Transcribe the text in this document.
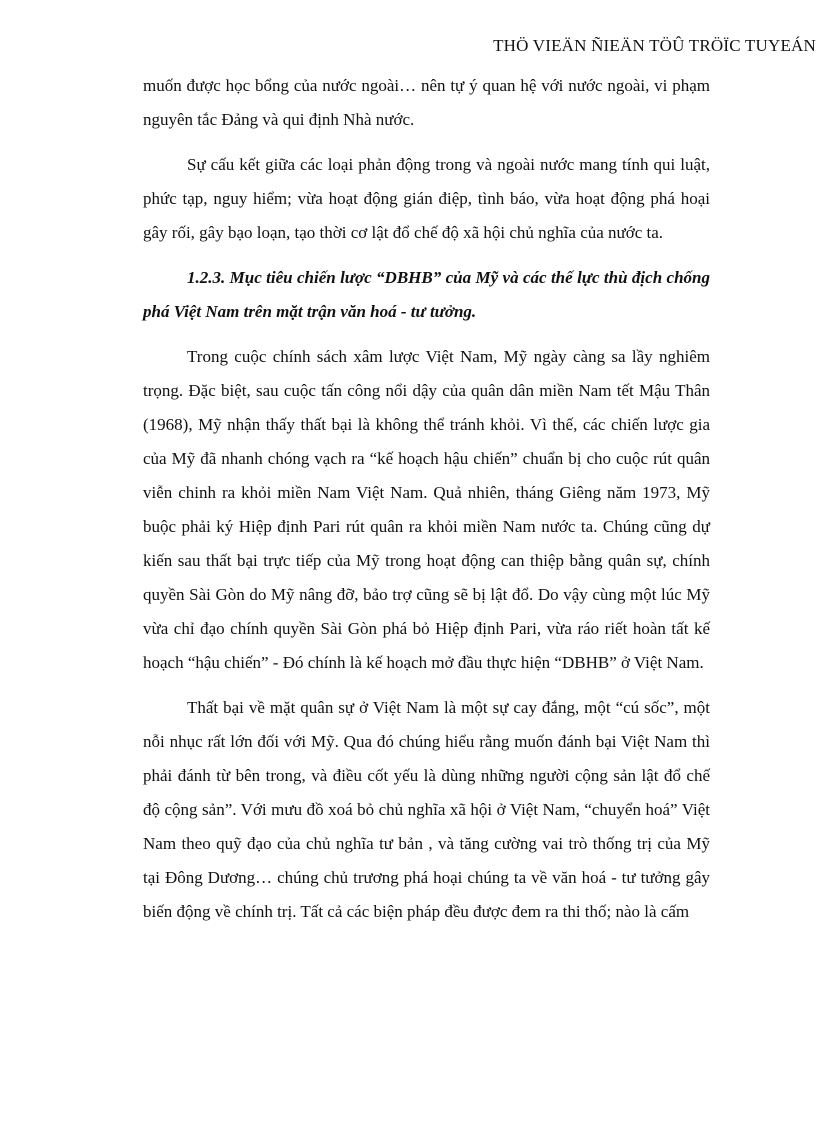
THÖ VIEÄN ÑIEÄN TÖÛ TRÖÏC TUYEÁN

muốn được học bổng của nước ngoài… nên tự ý quan hệ với nước ngoài, vi phạm nguyên tắc Đảng và qui định Nhà nước.

Sự cấu kết giữa các loại phản động trong và ngoài nước mang tính qui luật, phức tạp, nguy hiểm; vừa hoạt động gián điệp, tình báo, vừa hoạt động phá hoại gây rối, gây bạo loạn, tạo thời cơ lật đổ chế độ xã hội chủ nghĩa của nước ta.

1.2.3. Mục tiêu chiến lược “DBHB” của Mỹ và các thế lực thù địch chống phá Việt Nam trên mặt trận văn hoá - tư tưởng.

Trong cuộc chính sách xâm lược Việt Nam, Mỹ ngày càng sa lầy nghiêm trọng. Đặc biệt, sau cuộc tấn công nổi dậy của quân dân miền Nam tết Mậu Thân (1968), Mỹ nhận thấy thất bại là không thể tránh khỏi. Vì thế, các chiến lược gia của Mỹ đã nhanh chóng vạch ra “kế hoạch hậu chiến” chuẩn bị cho cuộc rút quân viễn chinh ra khỏi miền Nam Việt Nam. Quả nhiên, tháng Giêng năm 1973, Mỹ buộc phải ký Hiệp định Pari rút quân ra khỏi miền Nam nước ta. Chúng cũng dự kiến sau thất bại trực tiếp của Mỹ trong hoạt động can thiệp bằng quân sự, chính quyền Sài Gòn do Mỹ nâng đỡ, bảo trợ cũng sẽ bị lật đổ. Do vậy cùng một lúc Mỹ vừa chỉ đạo chính quyền Sài Gòn phá bỏ Hiệp định Pari, vừa ráo riết hoàn tất kế hoạch “hậu chiến” - Đó chính là kế hoạch mở đầu thực hiện “DBHB” ở Việt Nam.

Thất bại về mặt quân sự ở Việt Nam là một sự cay đắng, một “cú sốc”, một nỗi nhục rất lớn đối với Mỹ. Qua đó chúng hiểu rằng muốn đánh bại Việt Nam thì phải đánh từ bên trong, và điều cốt yếu là dùng những người cộng sản lật đổ chế độ cộng sản”. Với mưu đồ xoá bỏ chủ nghĩa xã hội ở Việt Nam, “chuyển hoá” Việt Nam theo quỹ đạo của chủ nghĩa tư bản , và tăng cường vai trò thống trị của Mỹ tại Đông Dương… chúng chủ trương phá hoại chúng ta về văn hoá - tư tưởng gây biến động về chính trị. Tất cả các biện pháp đều được đem ra thi thố; nào là cấm
